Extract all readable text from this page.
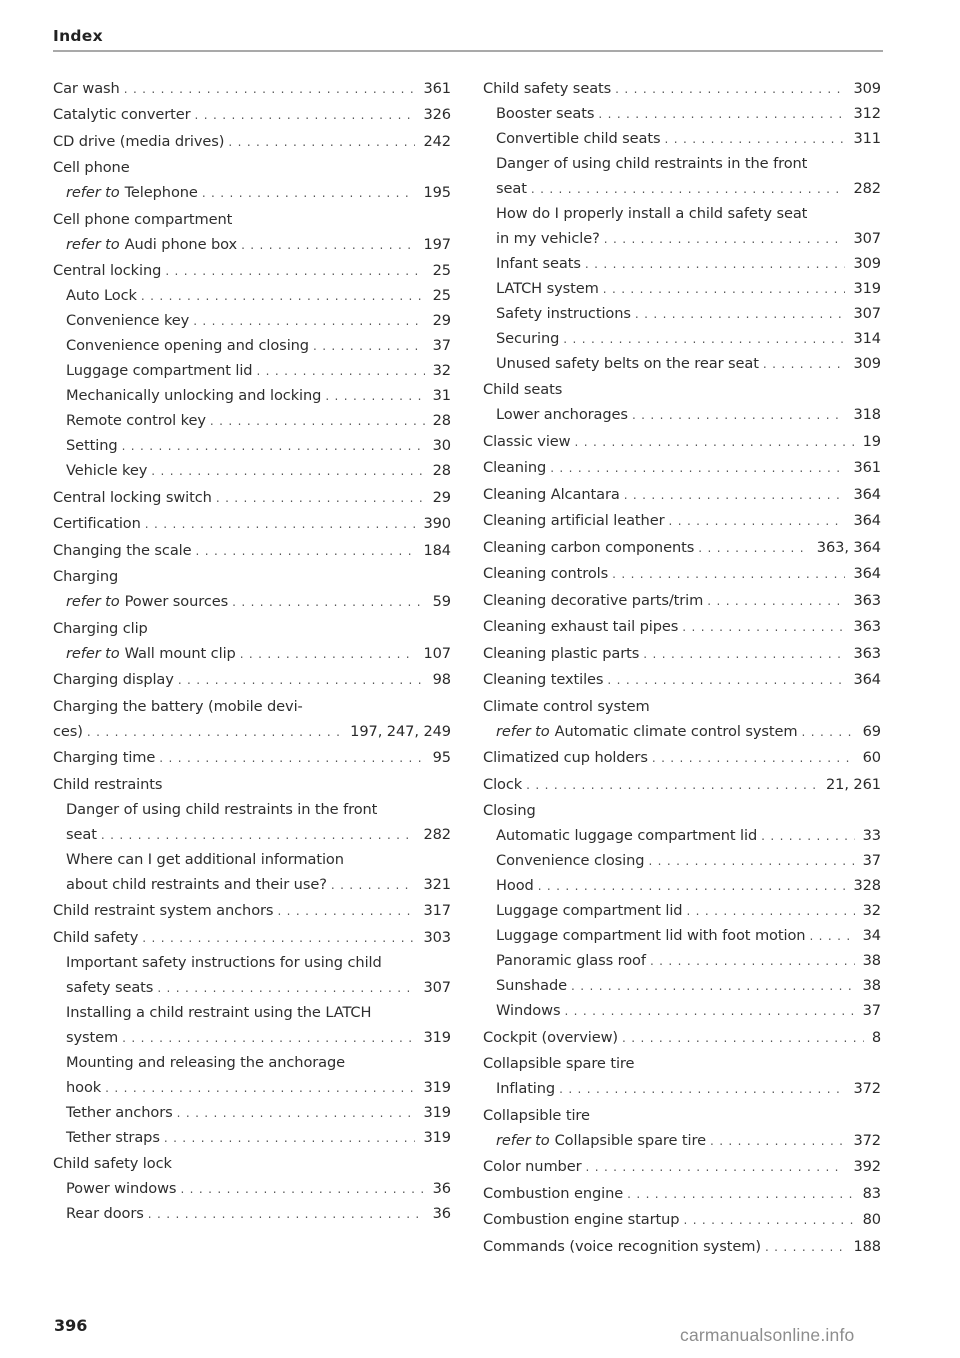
Index
Car wash . . .	361
Catalytic converter . . .	326
CD drive (media drives) . . .	242
Cell phone
refer to Telephone . . .	195
Cell phone compartment
refer to Audi phone box . . .	197
Central locking . . .	25
Auto Lock . . .	25
Convenience key . . .	29
Convenience opening and closing . . .	37
Luggage compartment lid . . .	32
Mechanically unlocking and locking . . .	31
Remote control key . . .	28
Setting . . .	30
Vehicle key . . .	28
Central locking switch . . .	29
Certification . . .	390
Changing the scale . . .	184
Charging
refer to Power sources . . .	59
Charging clip
refer to Wall mount clip . . .	107
Charging display . . .	98
Charging the battery (mobile devi-
ces) . . .	197, 247, 249
Charging time . . .	95
Child restraints
Danger of using child restraints in the front
seat . . .	282
Where can I get additional information
about child restraints and their use? . . .	321
Child restraint system anchors . . .	317
Child safety . . .	303
Important safety instructions for using child
safety seats . . .	307
Installing a child restraint using the LATCH
system . . .	319
Mounting and releasing the anchorage
hook . . .	319
Tether anchors . . .	319
Tether straps . . .	319
Child safety lock
Power windows . . .	36
Rear doors . . .	36
Child safety seats . . .	309
Booster seats . . .	312
Convertible child seats . . .	311
Danger of using child restraints in the front
seat . . .	282
How do I properly install a child safety seat
in my vehicle? . . .	307
Infant seats . . .	309
LATCH system . . .	319
Safety instructions . . .	307
Securing . . .	314
Unused safety belts on the rear seat . . .	309
Child seats
Lower anchorages . . .	318
Classic view . . .	19
Cleaning . . .	361
Cleaning Alcantara . . .	364
Cleaning artificial leather . . .	364
Cleaning carbon components . . .	363, 364
Cleaning controls . . .	364
Cleaning decorative parts/trim . . .	363
Cleaning exhaust tail pipes . . .	363
Cleaning plastic parts . . .	363
Cleaning textiles . . .	364
Climate control system
refer to Automatic climate control system . . .	69
Climatized cup holders . . .	60
Clock . . .	21, 261
Closing
Automatic luggage compartment lid . . .	33
Convenience closing . . .	37
Hood . . .	328
Luggage compartment lid . . .	32
Luggage compartment lid with foot motion . . .	34
Panoramic glass roof . . .	38
Sunshade . . .	38
Windows . . .	37
Cockpit (overview) . . .	8
Collapsible spare tire
Inflating . . .	372
Collapsible tire
refer to Collapsible spare tire . . .	372
Color number . . .	392
Combustion engine . . .	83
Combustion engine startup . . .	80
Commands (voice recognition system) . . .	188
396	carmanualsonline.info
